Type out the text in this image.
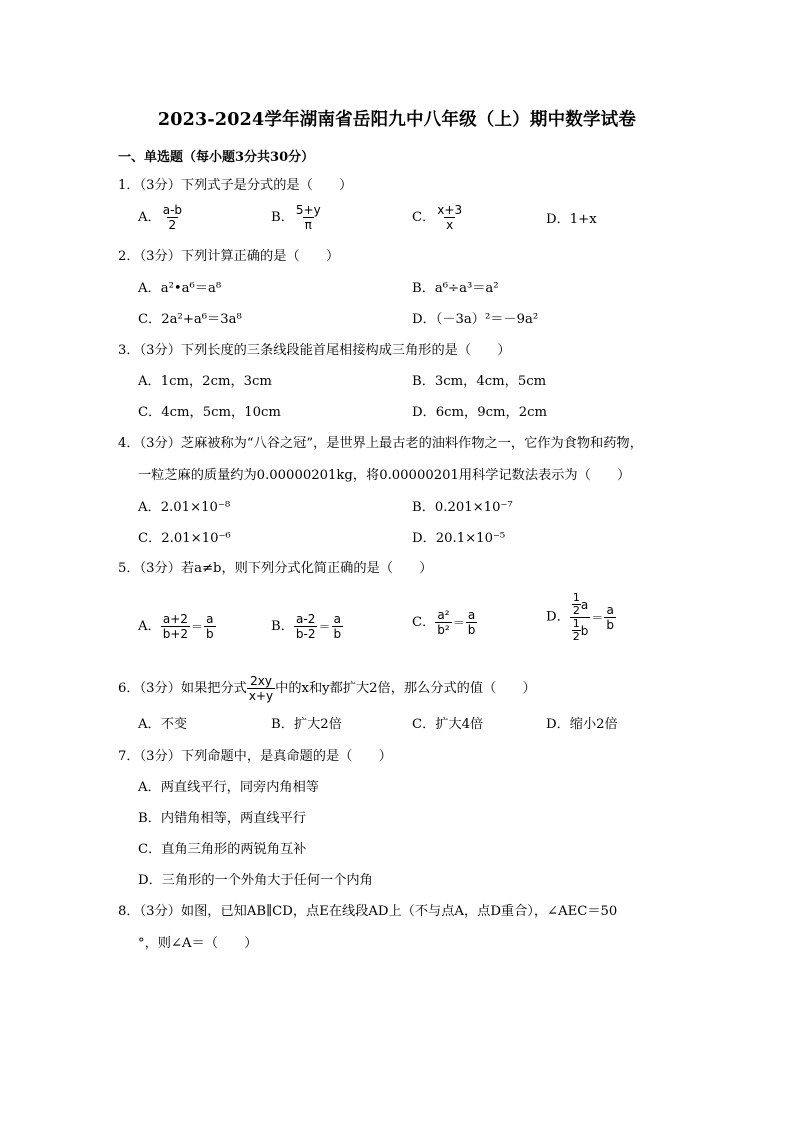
2023-2024学年湖南省岳阳九中八年级（上）期中数学试卷
一、单选题（每小题3分共30分）
1．（3分）下列式子是分式的是（　　）
A． $\frac{a-b}{2}$	B． $\frac{5+y}{\pi}$	C． $\frac{x+3}{x}$	D．1+x
2．（3分）下列计算正确的是（　　）
A．a²•a⁶＝a⁸	B．a⁶÷a³＝a²
C．2a²+a⁶＝3a⁸	D．（－3a）²＝－9a²
3．（3分）下列长度的三条线段能首尾相接构成三角形的是（　　）
A．1cm，2cm，3cm	B．3cm，4cm，5cm
C．4cm，5cm，10cm	D．6cm，9cm，2cm
4．（3分）芝麻被称为“八谷之冠”，是世界上最古老的油料作物之一，它作为食物和药物，
一粒芝麻的质量约为0.00000201kg，将0.00000201用科学记数法表示为（　　）
A．2.01×10⁻⁸	B．0.201×10⁻⁷
C．2.01×10⁻⁶	D．20.1×10⁻⁵
5．（3分）若a≠b，则下列分式化简正确的是（　　）
A． $\frac{a+2}{b+2} = \frac{a}{b}$	B． $\frac{a-2}{b-2} = \frac{a}{b}$	C． $\frac{\text{a²}}{\text{b²}} = \frac{a}{b}$	D． $\frac{\frac{1}{2} a}{\frac{1}{2} b} = \frac{a}{b}$
6．（3分）如果把分式 $\frac{2xy}{x+y}$ 中的x和y都扩大2倍，那么分式的值（　　）
A．不变	B．扩大2倍	C．扩大4倍	D．缩小2倍
7．（3分）下列命题中，是真命题的是（　　）
A．两直线平行，同旁内角相等
B．内错角相等，两直线平行
C．直角三角形的两锐角互补
D．三角形的一个外角大于任何一个内角
8．（3分）如图，已知AB∥CD，点E在线段AD上（不与点A，点D重合），∠AEC＝50
°，则∠A＝（　　）
